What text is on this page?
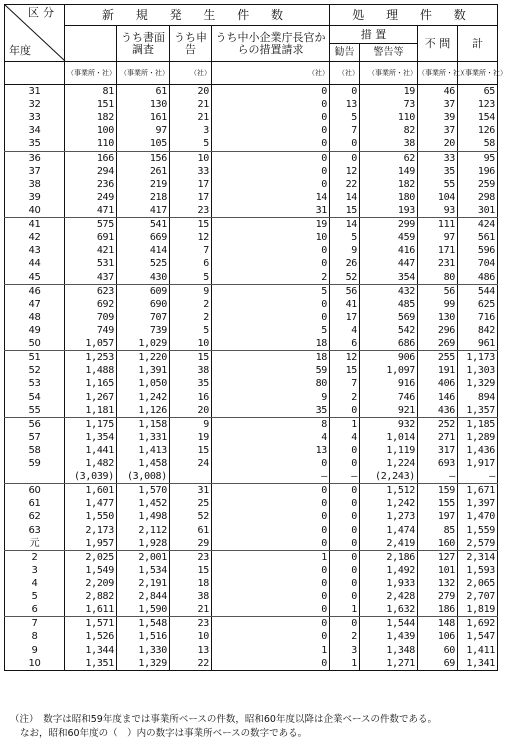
区分
年度	新 規 発 生 件 数				処 理 件 数			
		うち書面調査	うち申告	うち中小企業庁長官からの措置請求	措 置		不 問	計
					勧告	警告等		
	（事業所・社）	（事業所・社）	（社）	（社）	（社）	（事業所・社）	（事業所・社）	（事業所・社）
31	81	61	20	0	0	19	46	65
32	151	130	21	0	13	73	37	123
33	182	161	21	0	5	110	39	154
34	100	97	3	0	7	82	37	126
35	110	105	5	0	0	38	20	58
36	166	156	10	0	0	62	33	95
37	294	261	33	0	12	149	35	196
38	236	219	17	0	22	182	55	259
39	249	218	17	14	14	180	104	298
40	471	417	23	31	15	193	93	301
41	575	541	15	19	14	299	111	424
42	691	669	12	10	5	459	97	561
43	421	414	7	0	9	416	171	596
44	531	525	6	0	26	447	231	704
45	437	430	5	2	52	354	80	486
46	623	609	9	5	56	432	56	544
47	692	690	2	0	41	485	99	625
48	709	707	2	0	17	569	130	716
49	749	739	5	5	4	542	296	842
50	1,057	1,029	10	18	6	686	269	961
51	1,253	1,220	15	18	12	906	255	1,173
52	1,488	1,391	38	59	15	1,097	191	1,303
53	1,165	1,050	35	80	7	916	406	1,329
54	1,267	1,242	16	9	2	746	146	894
55	1,181	1,126	20	35	0	921	436	1,357
56	1,175	1,158	9	8	1	932	252	1,185
57	1,354	1,331	19	4	4	1,014	271	1,289
58	1,441	1,413	15	13	0	1,119	317	1,436
59	1,482	1,458	24	0	0	1,224	693	1,917
	(3,039)	(3,008)		—	—	(2,243)	—	—
60	1,601	1,570	31	0	0	1,512	159	1,671
61	1,477	1,452	25	0	0	1,242	155	1,397
62	1,550	1,498	52	0	0	1,273	197	1,470
63	2,173	2,112	61	0	0	1,474	85	1,559
元	1,957	1,928	29	0	0	2,419	160	2,579
2	2,025	2,001	23	1	0	2,186	127	2,314
3	1,549	1,534	15	0	0	1,492	101	1,593
4	2,209	2,191	18	0	0	1,933	132	2,065
5	2,882	2,844	38	0	0	2,428	279	2,707
6	1,611	1,590	21	0	1	1,632	186	1,819
7	1,571	1,548	23	0	0	1,544	148	1,692
8	1,526	1,516	10	0	2	1,439	106	1,547
9	1,344	1,330	13	1	3	1,348	60	1,411
10	1,351	1,329	22	0	1	1,271	69	1,341
（注）　数字は昭和59年度までは事業所ベースの件数，昭和60年度以降は企業ベースの件数である。
なお，昭和60年度の（　）内の数字は事業所ベースの数字である。
